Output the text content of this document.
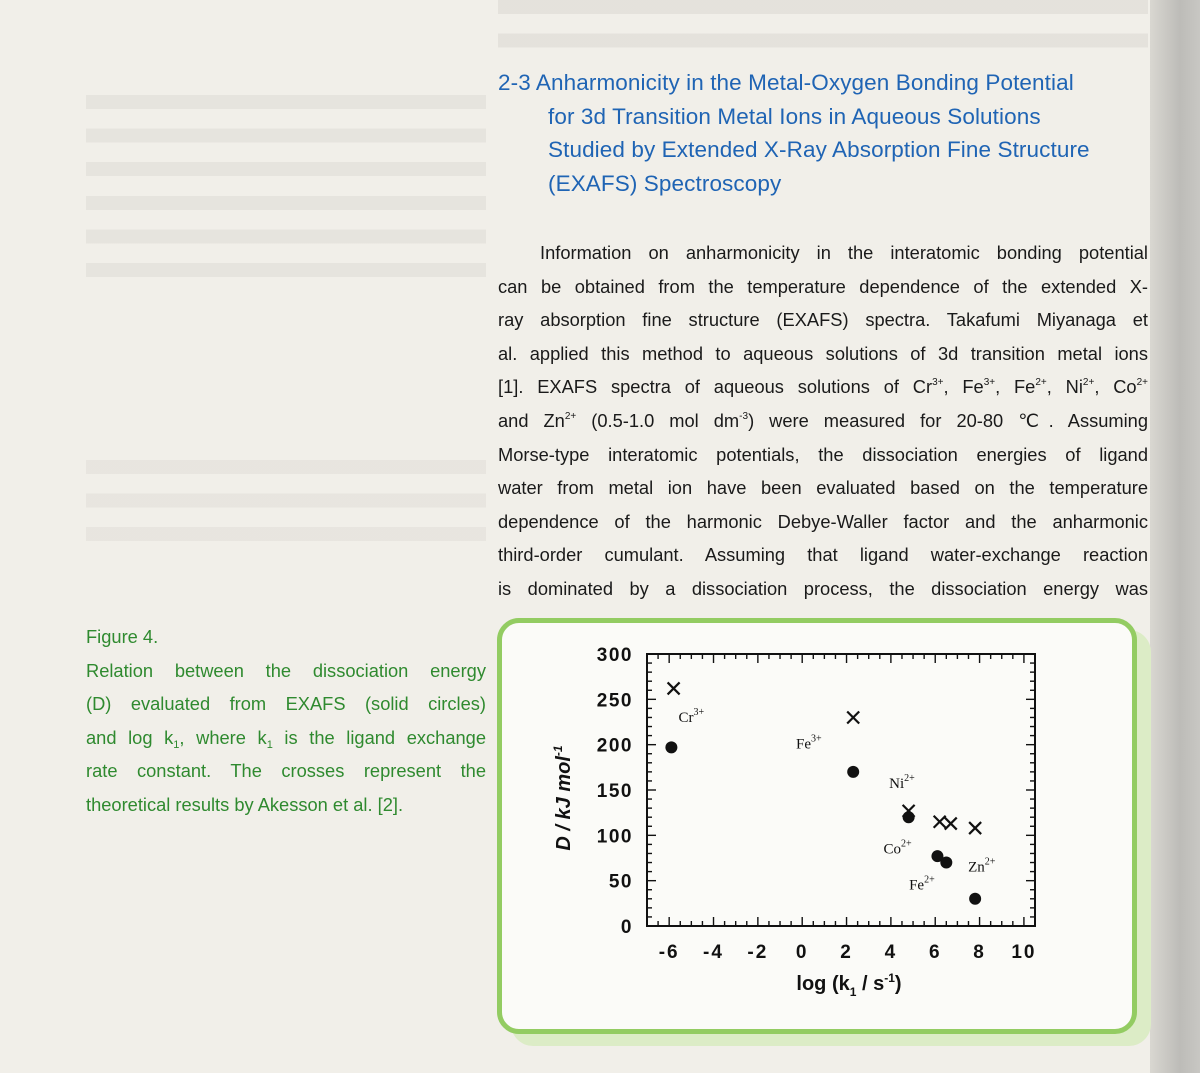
2-3 Anharmonicity in the Metal-Oxygen Bonding Potential
for 3d Transition Metal Ions in Aqueous Solutions
Studied by Extended X-Ray Absorption Fine Structure
(EXAFS) Spectroscopy
Information on anharmonicity in the interatomic bonding potential
can be obtained from the temperature dependence of the extended X-
ray absorption fine structure (EXAFS) spectra. Takafumi Miyanaga et
al. applied this method to aqueous solutions of 3d transition metal ions
[1]. EXAFS spectra of aqueous solutions of $Cr^{3+}$, $Fe^{3+}$, $Fe^{2+}$, $Ni^{2+}$, $Co^{2+}$
and $Zn^{2+}$ (0.5-1.0 mol $dm^{-3}$) were measured for 20-80 ℃. Assuming
Morse-type interatomic potentials, the dissociation energies of ligand
water from metal ion have been evaluated based on the temperature
dependence of the harmonic Debye-Waller factor and the anharmonic
third-order cumulant. Assuming that ligand water-exchange reaction
is dominated by a dissociation process, the dissociation energy was
Figure 4.
Relation between the dissociation energy
(D) evaluated from EXAFS (solid circles)
and $\log k_1$, where $k_1$ is the ligand exchange
rate constant. The crosses represent the
theoretical results by Akesson et al. [2].
-6 -4 -2 0 2 4 6 8 10
0
50
100
150
200
250
300
$\log (k_1 / s^{-1})$
D / kJ mol$^{-1}$
$Cr^{3+}$
$Fe^{3+}$
$Ni^{2+}$
$Co^{2+}$
$Fe^{2+}$
$Zn^{2+}$
